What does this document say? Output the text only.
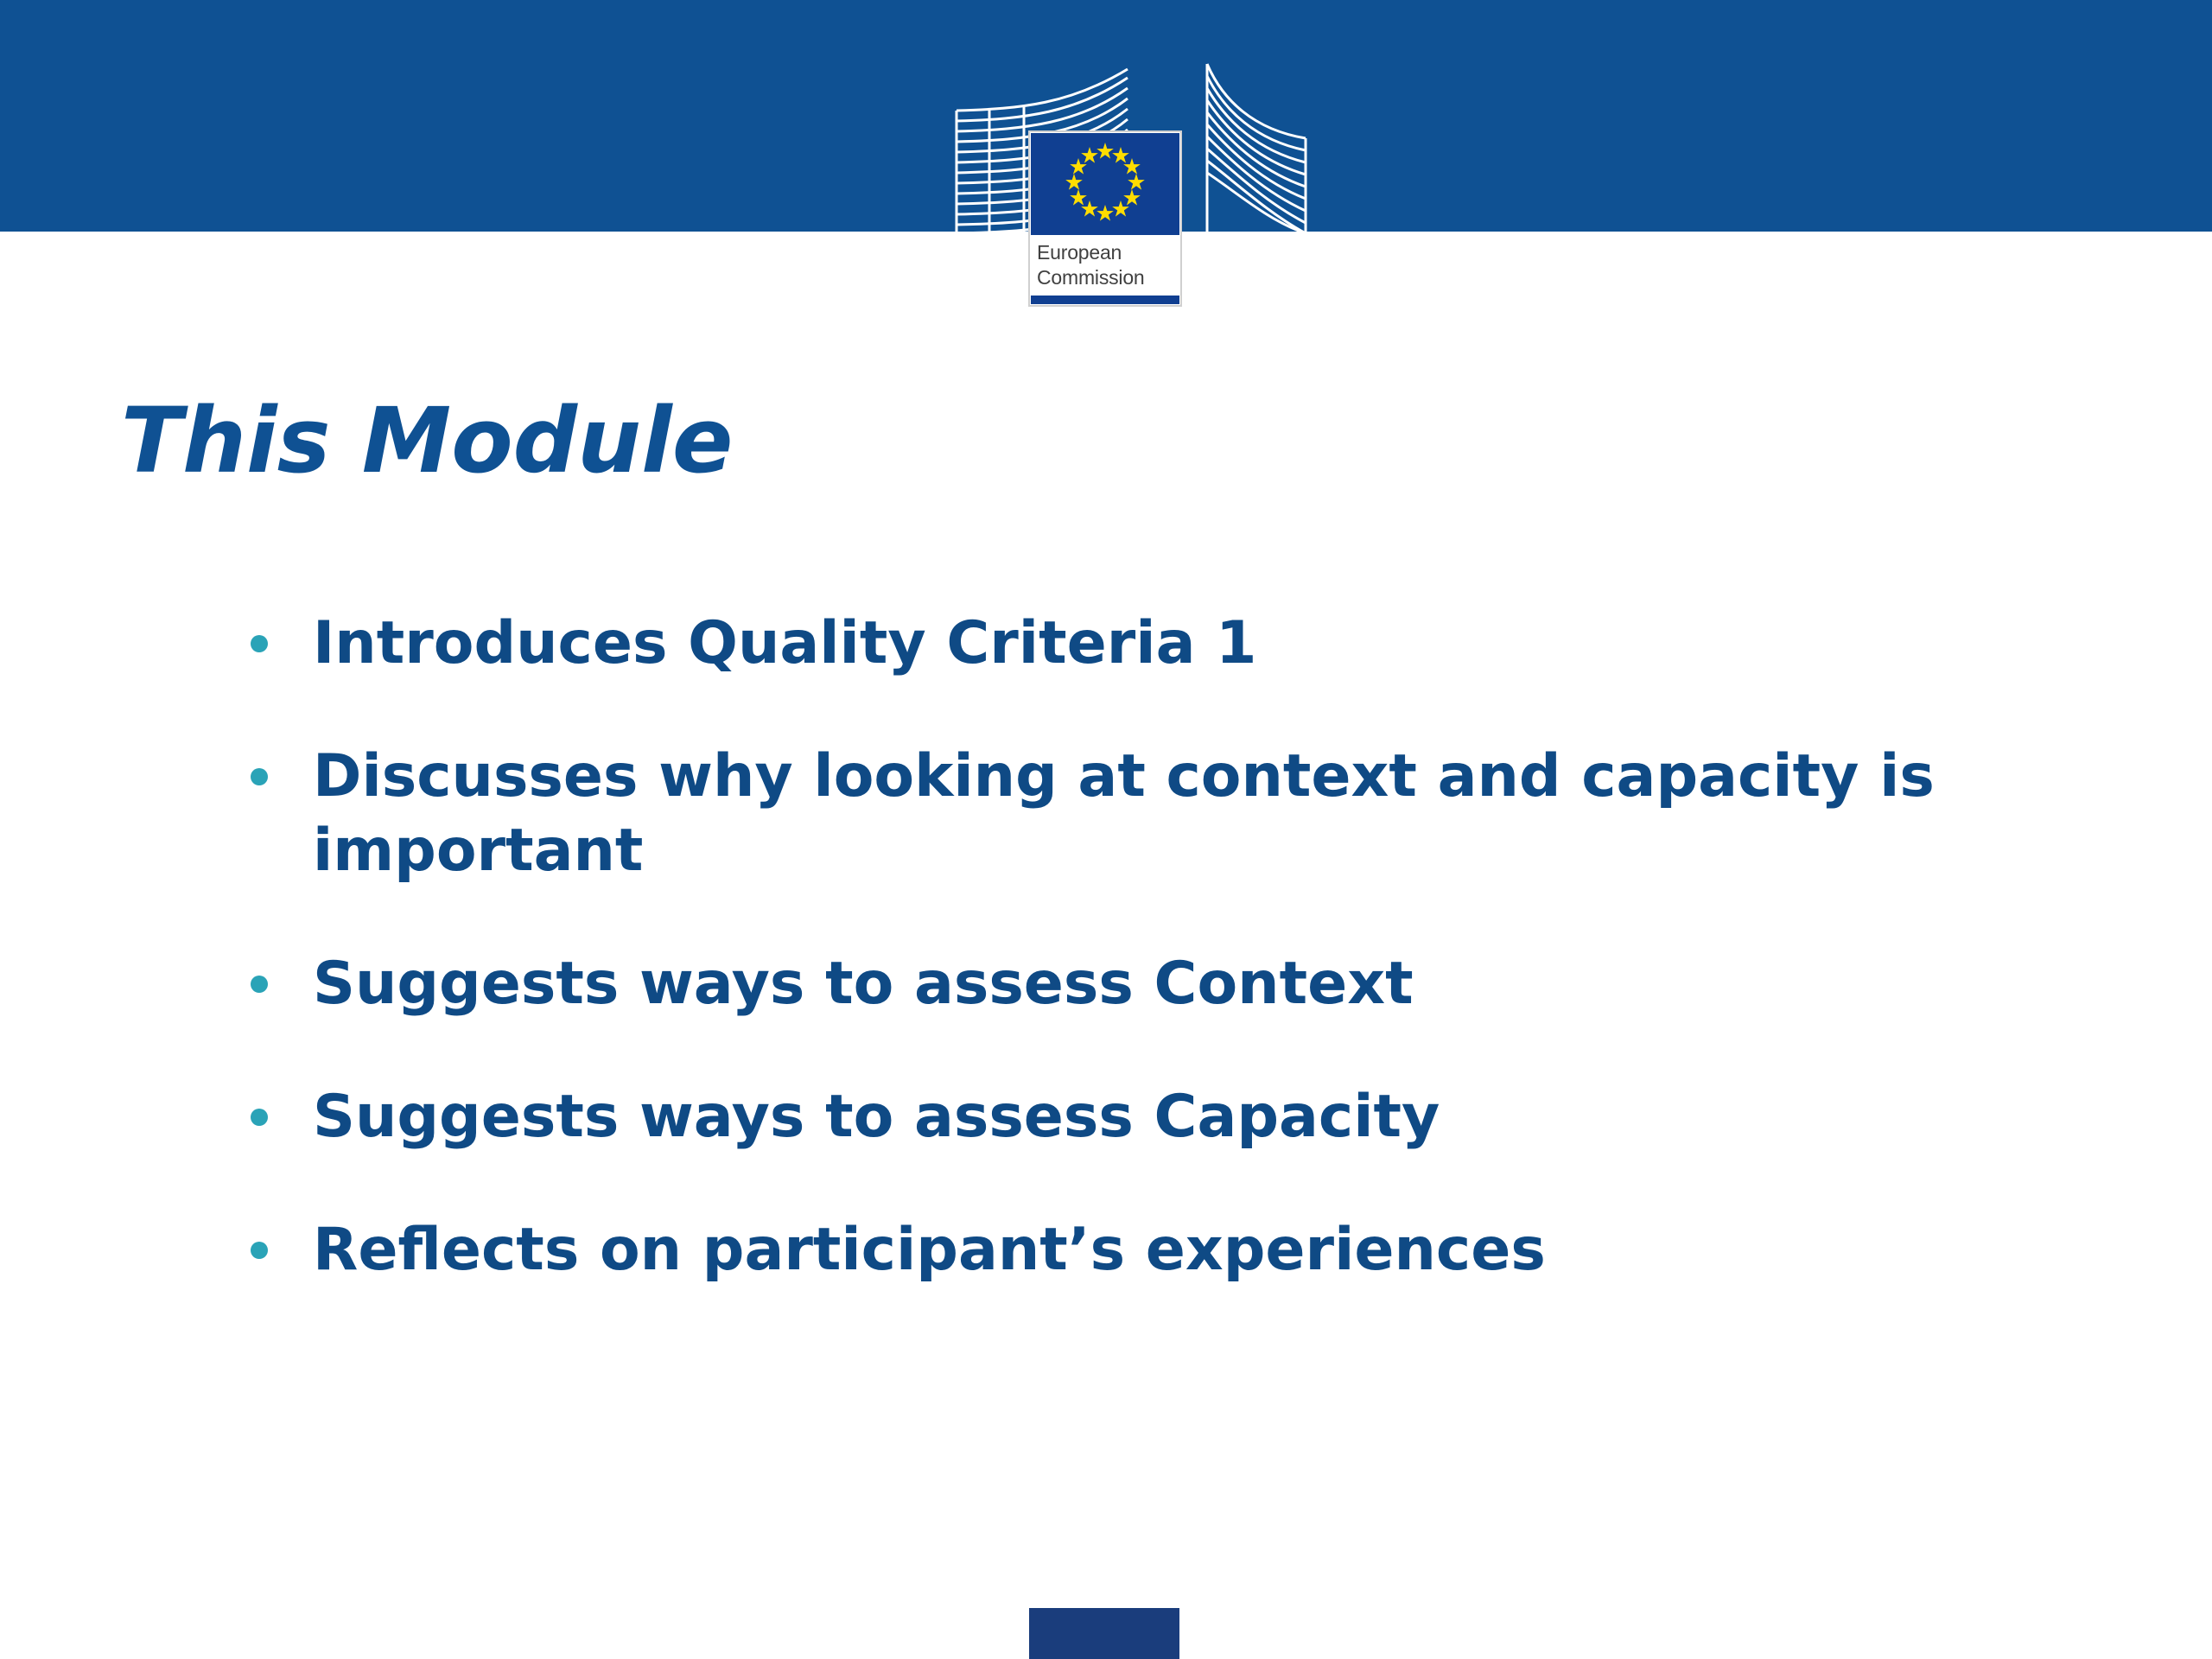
European
Commission
This Module
Introduces Quality Criteria 1
Discusses why looking at context and capacity is important
Suggests ways to assess Context
Suggests ways to assess Capacity
Reflects on participant’s experiences
